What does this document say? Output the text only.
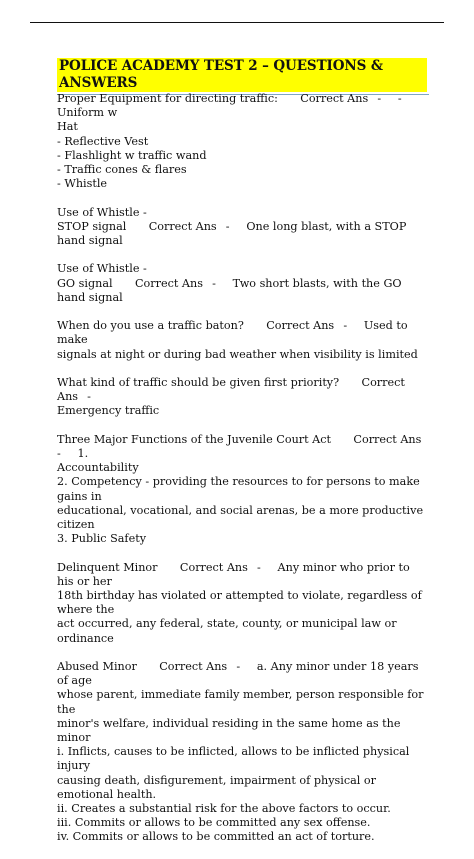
POLICE ACADEMY TEST 2 – QUESTIONS & ANSWERS

Proper Equipment for directing traffic:  Correct Ans  -  - Uniform w

Hat

- Reflective Vest

- Flashlight w traffic wand

- Traffic cones & flares

- Whistle

Use of Whistle -

STOP signal  Correct Ans  -  One long blast, with a STOP hand signal

Use of Whistle -

GO signal  Correct Ans  -  Two short blasts, with the GO hand signal

When do you use a traffic baton?  Correct Ans  -  Used to make

signals at night or during bad weather when visibility is limited

What kind of traffic should be given first priority?  Correct Ans  -

Emergency traffic

Three Major Functions of the Juvenile Court Act  Correct Ans  -  1.

Accountability

2. Competency - providing the resources to for persons to make gains in

educational, vocational, and social arenas, be a more productive citizen

3. Public Safety

Delinquent Minor  Correct Ans  -  Any minor who prior to his or her

18th birthday has violated or attempted to violate, regardless of where the

act occurred, any federal, state, county, or municipal law or ordinance

Abused Minor  Correct Ans  -  a. Any minor under 18 years of age

whose parent, immediate family member, person responsible for the

minor's welfare, individual residing in the same home as the minor

i. Inflicts, causes to be inflicted, allows to be inflicted physical injury

causing death, disfigurement, impairment of physical or emotional health.

ii. Creates a substantial risk for the above factors to occur.

iii. Commits or allows to be committed any sex offense.

iv. Commits or allows to be committed an act of torture.
